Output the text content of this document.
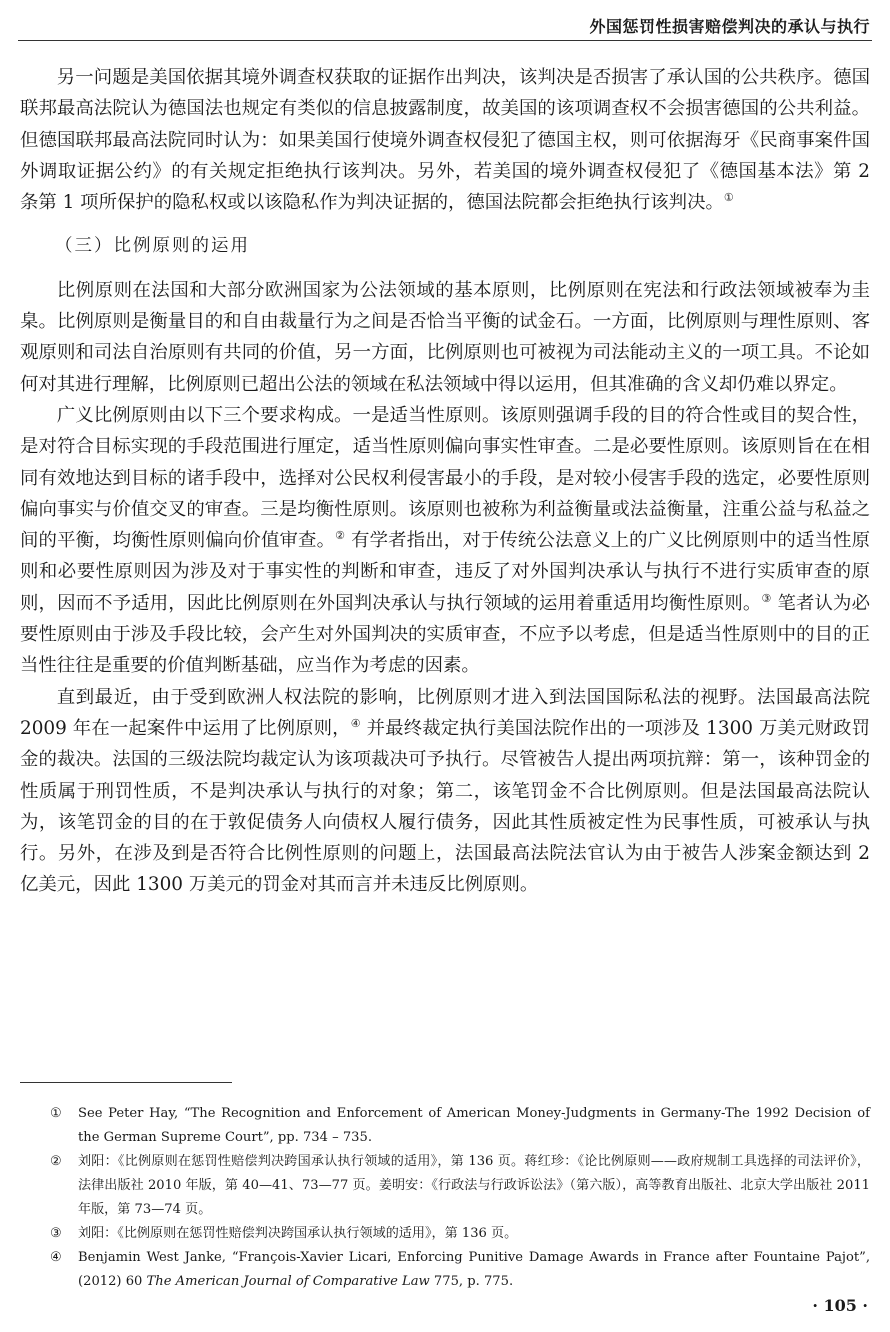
外国惩罚性损害赔偿判决的承认与执行

另一问题是美国依据其境外调查权获取的证据作出判决，该判决是否损害了承认国的公共秩序。德国联邦最高法院认为德国法也规定有类似的信息披露制度，故美国的该项调查权不会损害德国的公共利益。但德国联邦最高法院同时认为：如果美国行使境外调查权侵犯了德国主权，则可依据海牙《民商事案件国外调取证据公约》的有关规定拒绝执行该判决。另外，若美国的境外调查权侵犯了《德国基本法》第 2 条第 1 项所保护的隐私权或以该隐私作为判决证据的，德国法院都会拒绝执行该判决。①

（三）比例原则的运用

比例原则在法国和大部分欧洲国家为公法领域的基本原则，比例原则在宪法和行政法领域被奉为圭臬。比例原则是衡量目的和自由裁量行为之间是否恰当平衡的试金石。一方面，比例原则与理性原则、客观原则和司法自治原则有共同的价值，另一方面，比例原则也可被视为司法能动主义的一项工具。不论如何对其进行理解，比例原则已超出公法的领域在私法领域中得以运用，但其准确的含义却仍难以界定。

广义比例原则由以下三个要求构成。一是适当性原则。该原则强调手段的目的符合性或目的契合性，是对符合目标实现的手段范围进行厘定，适当性原则偏向事实性审查。二是必要性原则。该原则旨在在相同有效地达到目标的诸手段中，选择对公民权利侵害最小的手段，是对较小侵害手段的选定，必要性原则偏向事实与价值交叉的审查。三是均衡性原则。该原则也被称为利益衡量或法益衡量，注重公益与私益之间的平衡，均衡性原则偏向价值审查。② 有学者指出，对于传统公法意义上的广义比例原则中的适当性原则和必要性原则因为涉及对于事实性的判断和审查，违反了对外国判决承认与执行不进行实质审查的原则，因而不予适用，因此比例原则在外国判决承认与执行领域的运用着重适用均衡性原则。③ 笔者认为必要性原则由于涉及手段比较，会产生对外国判决的实质审查，不应予以考虑，但是适当性原则中的目的正当性往往是重要的价值判断基础，应当作为考虑的因素。

直到最近，由于受到欧洲人权法院的影响，比例原则才进入到法国国际私法的视野。法国最高法院 2009 年在一起案件中运用了比例原则，④ 并最终裁定执行美国法院作出的一项涉及 1300 万美元财政罚金的裁决。法国的三级法院均裁定认为该项裁决可予执行。尽管被告人提出两项抗辩：第一，该种罚金的性质属于刑罚性质，不是判决承认与执行的对象；第二，该笔罚金不合比例原则。但是法国最高法院认为，该笔罚金的目的在于敦促债务人向债权人履行债务，因此其性质被定性为民事性质，可被承认与执行。另外，在涉及到是否符合比例性原则的问题上，法国最高法院法官认为由于被告人涉案金额达到 2 亿美元，因此 1300 万美元的罚金对其而言并未违反比例原则。

① See Peter Hay, “The Recognition and Enforcement of American Money-Judgments in Germany-The 1992 Decision of the German Supreme Court”, pp. 734 – 735.
② 刘阳：《比例原则在惩罚性赔偿判决跨国承认执行领域的适用》，第 136 页。蒋红珍：《论比例原则——政府规制工具选择的司法评价》，法律出版社 2010 年版，第 40—41、73—77 页。姜明安：《行政法与行政诉讼法》（第六版），高等教育出版社、北京大学出版社 2011 年版，第 73—74 页。
③ 刘阳：《比例原则在惩罚性赔偿判决跨国承认执行领域的适用》，第 136 页。
④ Benjamin West Janke, “François-Xavier Licari, Enforcing Punitive Damage Awards in France after Fountaine Pajot”, (2012) 60 The American Journal of Comparative Law 775, p. 775.
· 105 ·
